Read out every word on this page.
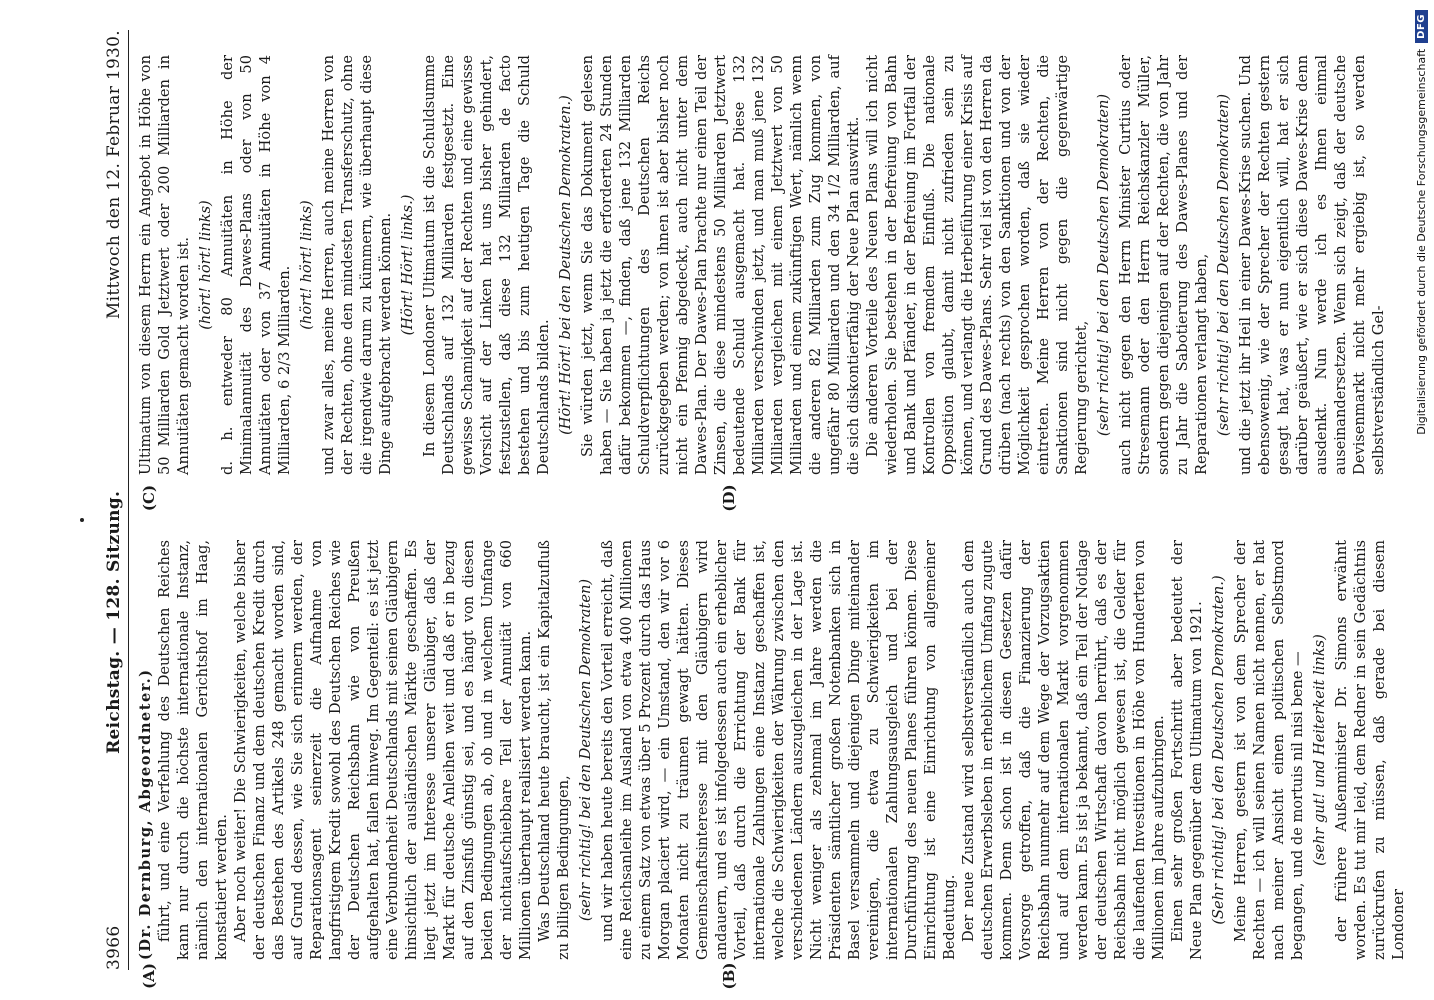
3966
Reichstag. — 128. Sitzung.
Mittwoch den 12. Februar 1930.
(A)	(B)
(C)	(D)

(Dr. Dernburg, Abgeordneter.) führt, und eine Verfehlung des Deutschen Reiches kann nur durch die höchste internationale Instanz, nämlich den internationalen Gerichtshof im Haag, konstatiert werden. Aber noch weiter! Die Schwierigkeiten, welche bisher der deutschen Finanz und dem deutschen Kredit durch das Bestehen des Artikels 248 gemacht worden sind, auf Grund dessen, wie Sie sich erinnern werden, der Reparationsagent seinerzeit die Aufnahme von langfristigem Kredit sowohl des Deutschen Reiches wie der Deutschen Reichsbahn wie von Preußen aufgehalten hat, fallen hinweg. Im Gegenteil: es ist jetzt eine Verbundenheit Deutschlands mit seinen Gläubigern hinsichtlich der ausländischen Märkte geschaffen. Es liegt jetzt im Interesse unserer Gläubiger, daß der Markt für deutsche Anleihen weit und daß er in bezug auf den Zinsfuß günstig sei, und es hängt von diesen beiden Bedingungen ab, ob und in welchem Umfange der nichtaufschiebbare Teil der Annuität von 660 Millionen überhaupt realisiert werden kann. Was Deutschland heute braucht, ist ein Kapitalzufluß zu billigen Bedingungen, (sehr richtig! bei den Deutschen Demokraten) und wir haben heute bereits den Vorteil erreicht, daß eine Reichsanleihe im Ausland von etwa 400 Millionen zu einem Satz von etwas über 5 Prozent durch das Haus Morgan placiert wird, — ein Umstand, den wir vor 6 Monaten nicht zu träumen gewagt hätten. Dieses Gemeinschaftsinteresse mit den Gläubigern wird andauern, und es ist infolgedessen auch ein erheblicher Vorteil, daß durch die Errichtung der Bank für internationale Zahlungen eine Instanz geschaffen ist, welche die Schwierigkeiten der Währung zwischen den verschiedenen Ländern auszugleichen in der Lage ist. Nicht weniger als zehnmal im Jahre werden die Präsidenten sämtlicher großen Notenbanken sich in Basel versammeln und diejenigen Dinge miteinander vereinigen, die etwa zu Schwierigkeiten im internationalen Zahlungsausgleich und bei der Durchführung des neuen Planes führen können. Diese Einrichtung ist eine Einrichtung von allgemeiner Bedeutung. Der neue Zustand wird selbstverständlich auch dem deutschen Erwerbsleben in erheblichem Umfang zugute kommen. Denn schon ist in diesen Gesetzen dafür Vorsorge getroffen, daß die Finanzierung der Reichsbahn nunmehr auf dem Wege der Vorzugsaktien und auf dem internationalen Markt vorgenommen werden kann. Es ist ja bekannt, daß ein Teil der Notlage der deutschen Wirtschaft davon herrührt, daß es der Reichsbahn nicht möglich gewesen ist, die Gelder für die laufenden Investitionen in Höhe von Hunderten von Millionen im Jahre aufzubringen. Einen sehr großen Fortschritt aber bedeutet der Neue Plan gegenüber dem Ultimatum von 1921. (Sehr richtig! bei den Deutschen Demokraten.) Meine Herren, gestern ist von dem Sprecher der Rechten — ich will seinen Namen nicht nennen, er hat nach meiner Ansicht einen politischen Selbstmord begangen, und de mortuis nil nisi bene — (sehr gut! und Heiterkeit links) der frühere Außenminister Dr. Simons erwähnt worden. Es tut mir leid, dem Redner in sein Gedächtnis zurückrufen zu müssen, daß gerade bei diesem Londoner

Ultimatum von diesem Herrn ein Angebot in Höhe von 50 Milliarden Gold Jetztwert oder 200 Milliarden in Annuitäten gemacht worden ist. (hört! hört! links) d. h. entweder 80 Annuitäten in Höhe der Minimalannuität des Dawes-Plans oder von 50 Annuitäten oder von 37 Annuitäten in Höhe von 4 Milliarden, 6 2/3 Milliarden.

(hört! hört! links) und zwar alles, meine Herren, auch meine Herren von der Rechten, ohne den mindesten Transferschutz, ohne die irgendwie darum zu kümmern, wie überhaupt diese Dinge aufgebracht werden können. (Hört! Hört! links.) In diesem Londoner Ultimatum ist die Schuldsumme Deutschlands auf 132 Milliarden festgesetzt. Eine gewisse Schamigkeit auf der Rechten und eine gewisse Vorsicht auf der Linken hat uns bisher gehindert, festzustellen, daß diese 132 Milliarden de facto bestehen und bis zum heutigen Tage die Schuld Deutschlands bilden. (Hört! Hört! bei den Deutschen Demokraten.) Sie würden jetzt, wenn Sie das Dokument gelesen haben — Sie haben ja jetzt die erforderten 24 Stunden dafür bekommen —, finden, daß jene 132 Milliarden Schuldverpflichtungen des Deutschen Reichs zurückgegeben werden; von ihnen ist aber bisher noch nicht ein Pfennig abgedeckt, auch nicht unter dem Dawes-Plan. Der Dawes-Plan brachte nur einen Teil der Zinsen, die diese mindestens 50 Milliarden Jetztwert bedeutende Schuld ausgemacht hat. Diese 132 Milliarden verschwinden jetzt, und man muß jene 132 Milliarden vergleichen mit einem Jetztwert von 50 Milliarden und einem zukünftigen Wert, nämlich wenn die anderen 82 Milliarden zum Zug kommen, von ungefähr 80 Milliarden und den 34 1/2 Milliarden, auf die sich diskontierfähig der Neue Plan auswirkt. Die anderen Vorteile des Neuen Plans will ich nicht wiederholen. Sie bestehen in der Befreiung von Bahn und Bank und Pfänder, in der Befreiung im Fortfall der Kontrollen von fremdem Einfluß. Die nationale Opposition glaubt, damit nicht zufrieden sein zu können, und verlangt die Herbeiführung einer Krisis auf Grund des Dawes-Plans. Sehr viel ist von den Herren da drüben (nach rechts) von den Sanktionen und von der Möglichkeit gesprochen worden, daß sie wieder eintreten. Meine Herren von der Rechten, die Sanktionen sind nicht gegen die gegenwärtige Regierung gerichtet, (sehr richtig! bei den Deutschen Demokraten) auch nicht gegen den Herrn Minister Curtius oder Stresemann oder den Herrn Reichskanzler Müller, sondern gegen diejenigen auf der Rechten, die von Jahr zu Jahr die Sabotierung des Dawes-Planes und der Reparationen verlangt haben, (sehr richtig! bei den Deutschen Demokraten) und die jetzt ihr Heil in einer Dawes-Krise suchen. Und ebensowenig, wie der Sprecher der Rechten gestern gesagt hat, was er nun eigentlich will, hat er sich darüber geäußert, wie er sich diese Dawes-Krise denn ausdenkt. Nun werde ich es Ihnen einmal auseinandersetzen. Wenn sich zeigt, daß der deutsche Devisenmarkt nicht mehr ergiebig ist, so werden selbstverständlich Gel-	Digitalisierung gefördert durch die Deutsche Forschungsgemeinschaft
DFG
